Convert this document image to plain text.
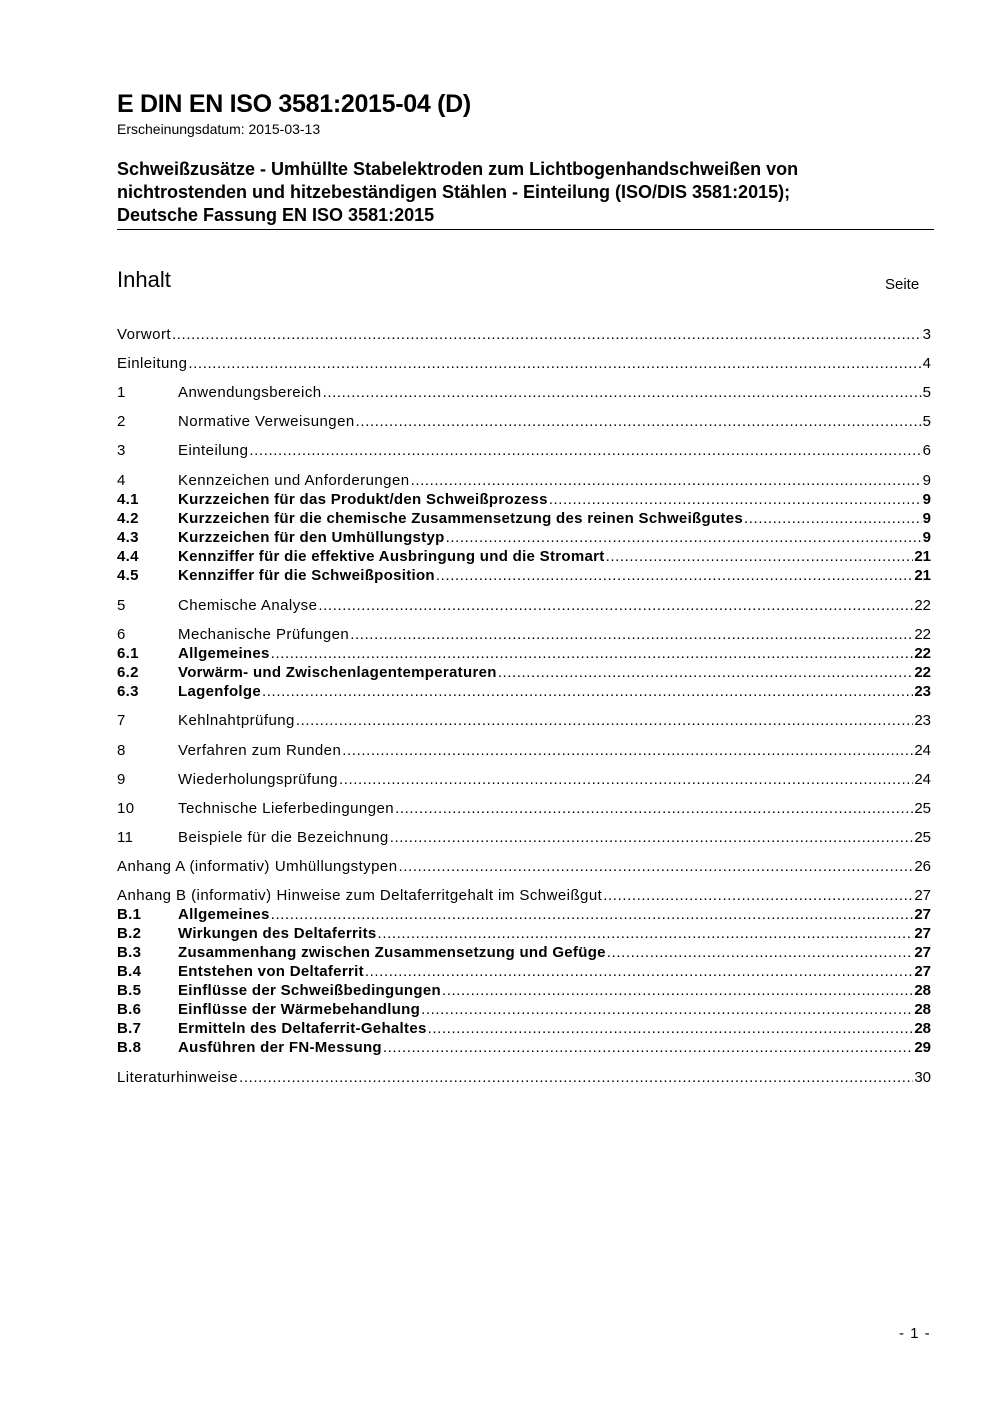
E DIN EN ISO 3581:2015-04 (D)
Erscheinungsdatum: 2015-03-13
Schweißzusätze - Umhüllte Stabelektroden zum Lichtbogenhandschweißen von
nichtrostenden und hitzebeständigen Stählen - Einteilung (ISO/DIS 3581:2015);
Deutsche Fassung EN ISO 3581:2015
Inhalt	Seite
Vorwort .....	3
Einleitung .....	4
1	Anwendungsbereich .....	5
2	Normative Verweisungen .....	5
3	Einteilung .....	6
4	Kennzeichen und Anforderungen .....	9
4.1	Kurzzeichen für das Produkt/den Schweißprozess .....	9
4.2	Kurzzeichen für die chemische Zusammensetzung des reinen Schweißgutes .....	9
4.3	Kurzzeichen für den Umhüllungstyp .....	9
4.4	Kennziffer für die effektive Ausbringung und die Stromart .....	21
4.5	Kennziffer für die Schweißposition .....	21
5	Chemische Analyse .....	22
6	Mechanische Prüfungen .....	22
6.1	Allgemeines .....	22
6.2	Vorwärm- und Zwischenlagentemperaturen .....	22
6.3	Lagenfolge .....	23
7	Kehlnahtprüfung .....	23
8	Verfahren zum Runden .....	24
9	Wiederholungsprüfung .....	24
10	Technische Lieferbedingungen .....	25
11	Beispiele für die Bezeichnung .....	25
Anhang A (informativ) Umhüllungstypen .....	26
Anhang B (informativ) Hinweise zum Deltaferritgehalt im Schweißgut .....	27
B.1	Allgemeines .....	27
B.2	Wirkungen des Deltaferrits .....	27
B.3	Zusammenhang zwischen Zusammensetzung und Gefüge .....	27
B.4	Entstehen von Deltaferrit .....	27
B.5	Einflüsse der Schweißbedingungen .....	28
B.6	Einflüsse der Wärmebehandlung .....	28
B.7	Ermitteln des Deltaferrit-Gehaltes .....	28
B.8	Ausführen der FN-Messung .....	29
Literaturhinweise .....	30
- 1 -
